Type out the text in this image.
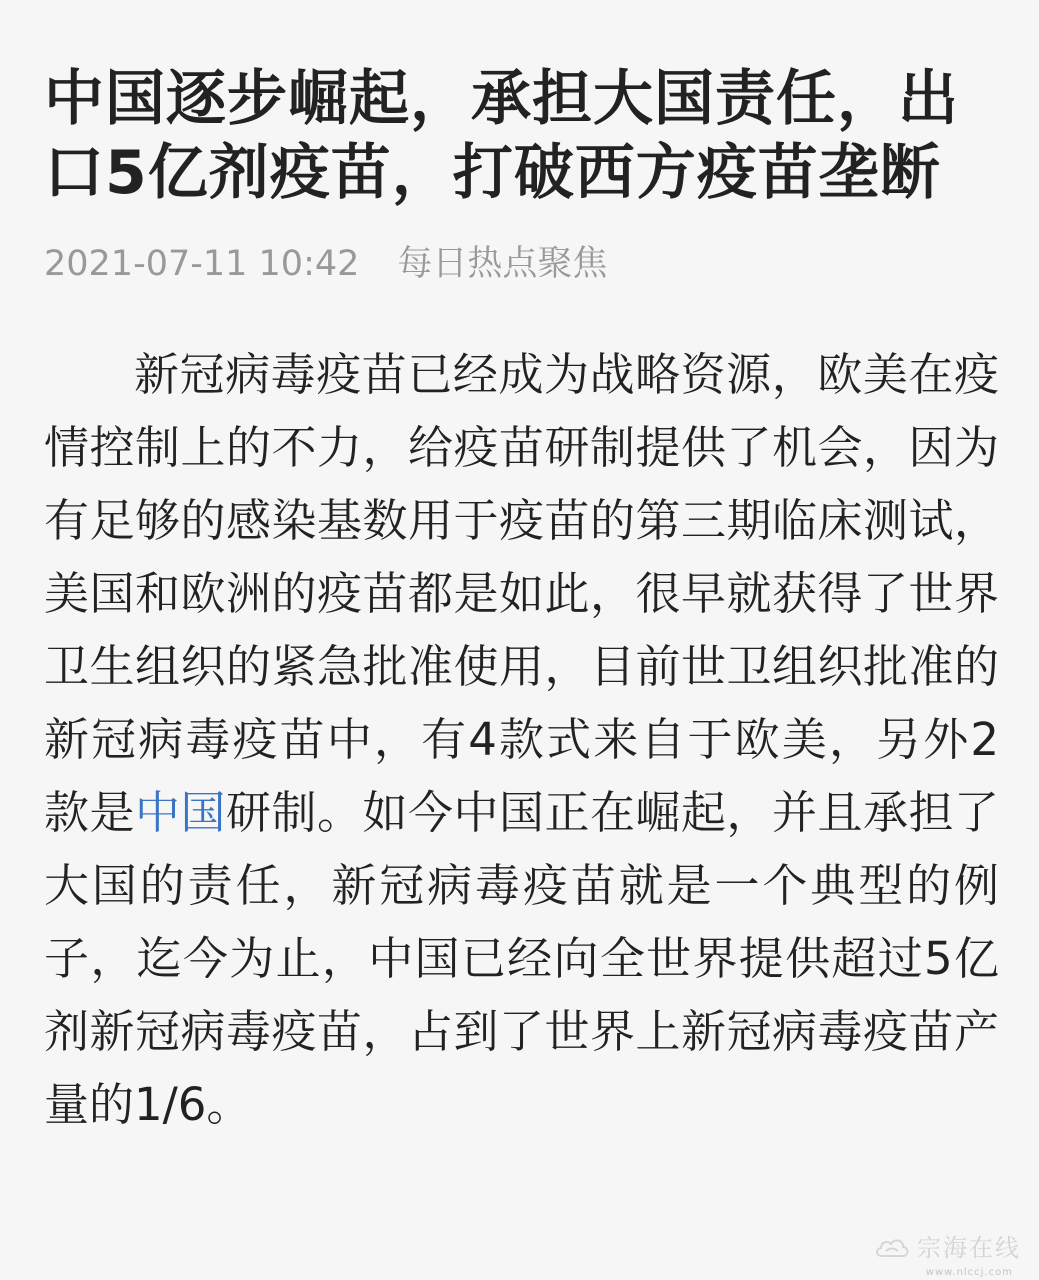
中国逐步崛起，承担大国责任，出口5亿剂疫苗，打破西方疫苗垄断
2021-07-11 10:42 每日热点聚焦

新冠病毒疫苗已经成为战略资源，欧美在疫情控制上的不力，给疫苗研制提供了机会，因为有足够的感染基数用于疫苗的第三期临床测试，美国和欧洲的疫苗都是如此，很早就获得了世界卫生组织的紧急批准使用，目前世卫组织批准的新冠病毒疫苗中，有4款式来自于欧美，另外2款是中国研制。如今中国正在崛起，并且承担了大国的责任，新冠病毒疫苗就是一个典型的例子，迄今为止，中国已经向全世界提供超过5亿剂新冠病毒疫苗，占到了世界上新冠病毒疫苗产量的1/6。

宗海在线
www.nlccj.com
